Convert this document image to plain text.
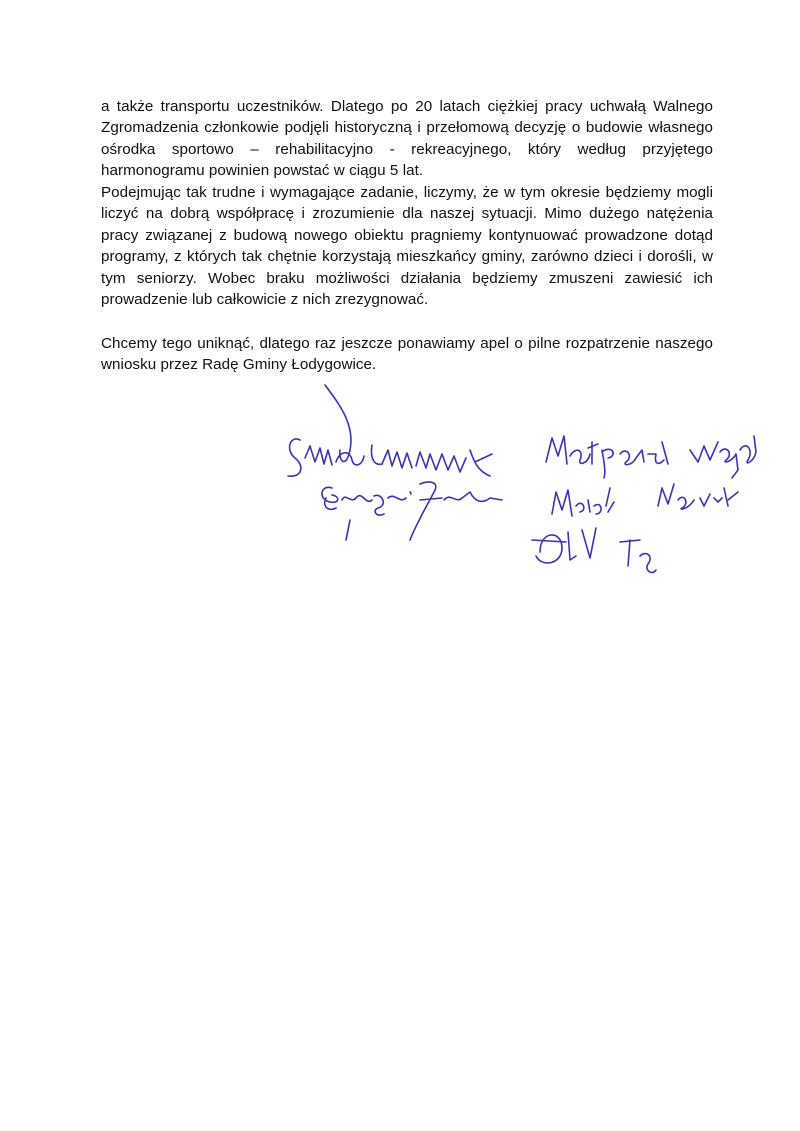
a także transportu uczestników. Dlatego po 20 latach ciężkiej pracy uchwałą Walnego Zgromadzenia członkowie podjęli historyczną i przełomową decyzję o budowie własnego ośrodka sportowo – rehabilitacyjno - rekreacyjnego, który według przyjętego harmonogramu powinien powstać w ciągu 5 lat.

Podejmując tak trudne i wymagające zadanie, liczymy, że w tym okresie będziemy mogli liczyć na dobrą współpracę i zrozumienie dla naszej sytuacji. Mimo dużego natężenia pracy związanej z budową nowego obiektu pragniemy kontynuować prowadzone dotąd programy, z których tak chętnie korzystają mieszkańcy gminy, zarówno dzieci i dorośli, w tym seniorzy. Wobec braku możliwości działania będziemy zmuszeni zawiesić ich prowadzenie lub całkowicie z nich zrezygnować.

Chcemy tego uniknąć, dlatego raz jeszcze ponawiamy apel o pilne rozpatrzenie naszego wniosku przez Radę Gminy Łodygowice.
